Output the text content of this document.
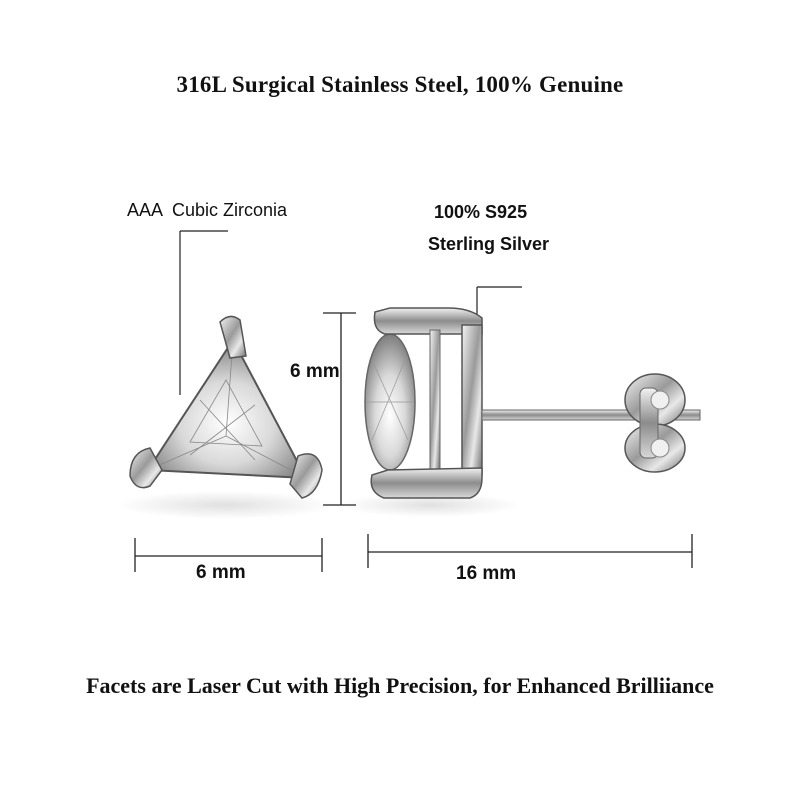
316L Surgical Stainless Steel, 100% Genuine
AAA  Cubic Zirconia	100% S925
Sterling Silver
6 mm
6 mm	16 mm
Facets are Laser Cut with High Precision, for Enhanced Brilliiance
